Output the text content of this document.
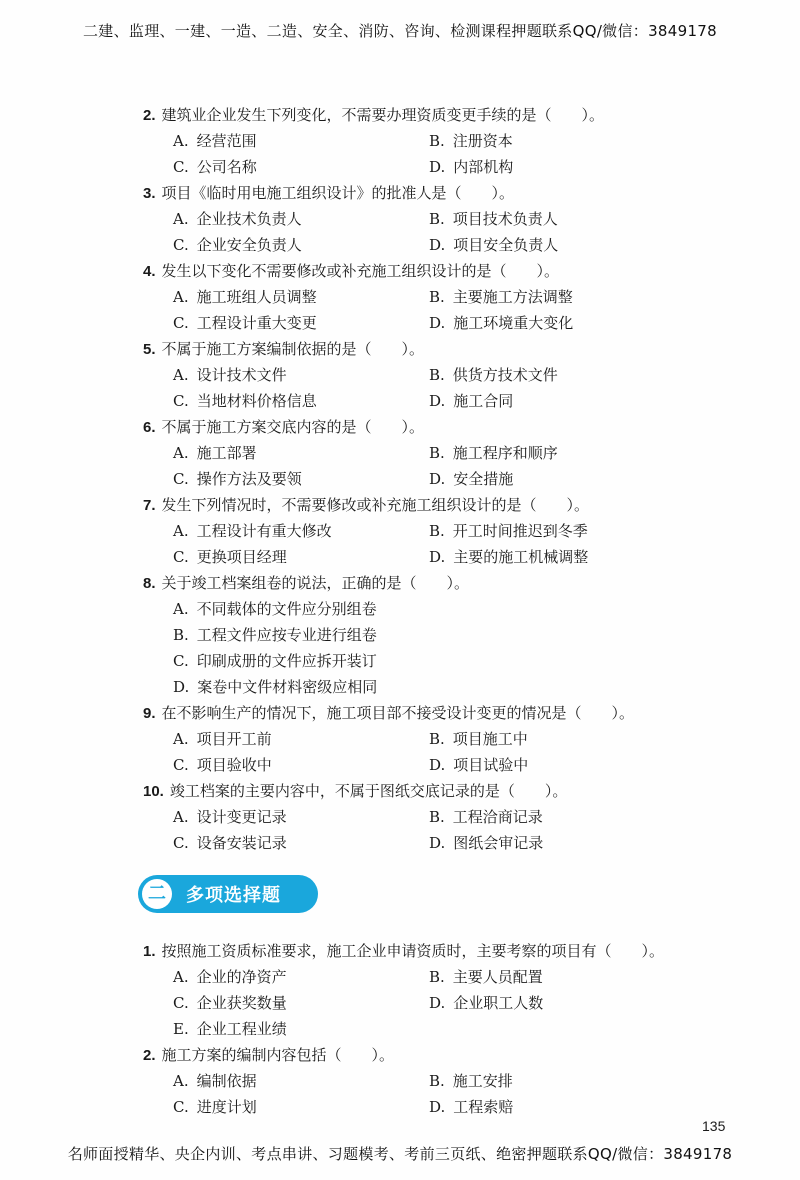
二建、监理、一建、一造、二造、安全、消防、咨询、检测课程押题联系QQ/微信：3849178
2. 建筑业企业发生下列变化，不需要办理资质变更手续的是（　　）。
A. 经营范围	B. 注册资本
C. 公司名称	D. 内部机构
3. 项目《临时用电施工组织设计》的批准人是（　　）。
A. 企业技术负责人	B. 项目技术负责人
C. 企业安全负责人	D. 项目安全负责人
4. 发生以下变化不需要修改或补充施工组织设计的是（　　）。
A. 施工班组人员调整	B. 主要施工方法调整
C. 工程设计重大变更	D. 施工环境重大变化
5. 不属于施工方案编制依据的是（　　）。
A. 设计技术文件	B. 供货方技术文件
C. 当地材料价格信息	D. 施工合同
6. 不属于施工方案交底内容的是（　　）。
A. 施工部署	B. 施工程序和顺序
C. 操作方法及要领	D. 安全措施
7. 发生下列情况时，不需要修改或补充施工组织设计的是（　　）。
A. 工程设计有重大修改	B. 开工时间推迟到冬季
C. 更换项目经理	D. 主要的施工机械调整
8. 关于竣工档案组卷的说法，正确的是（　　）。
A. 不同载体的文件应分别组卷
B. 工程文件应按专业进行组卷
C. 印刷成册的文件应拆开装订
D. 案卷中文件材料密级应相同
9. 在不影响生产的情况下，施工项目部不接受设计变更的情况是（　　）。
A. 项目开工前	B. 项目施工中
C. 项目验收中	D. 项目试验中
10. 竣工档案的主要内容中，不属于图纸交底记录的是（　　）。
A. 设计变更记录	B. 工程洽商记录
C. 设备安装记录	D. 图纸会审记录
二	多项选择题
1. 按照施工资质标准要求，施工企业申请资质时，主要考察的项目有（　　）。
A. 企业的净资产	B. 主要人员配置
C. 企业获奖数量	D. 企业职工人数
E. 企业工程业绩
2. 施工方案的编制内容包括（　　）。
A. 编制依据	B. 施工安排
C. 进度计划	D. 工程索赔
135
名师面授精华、央企内训、考点串讲、习题模考、考前三页纸、绝密押题联系QQ/微信：3849178
